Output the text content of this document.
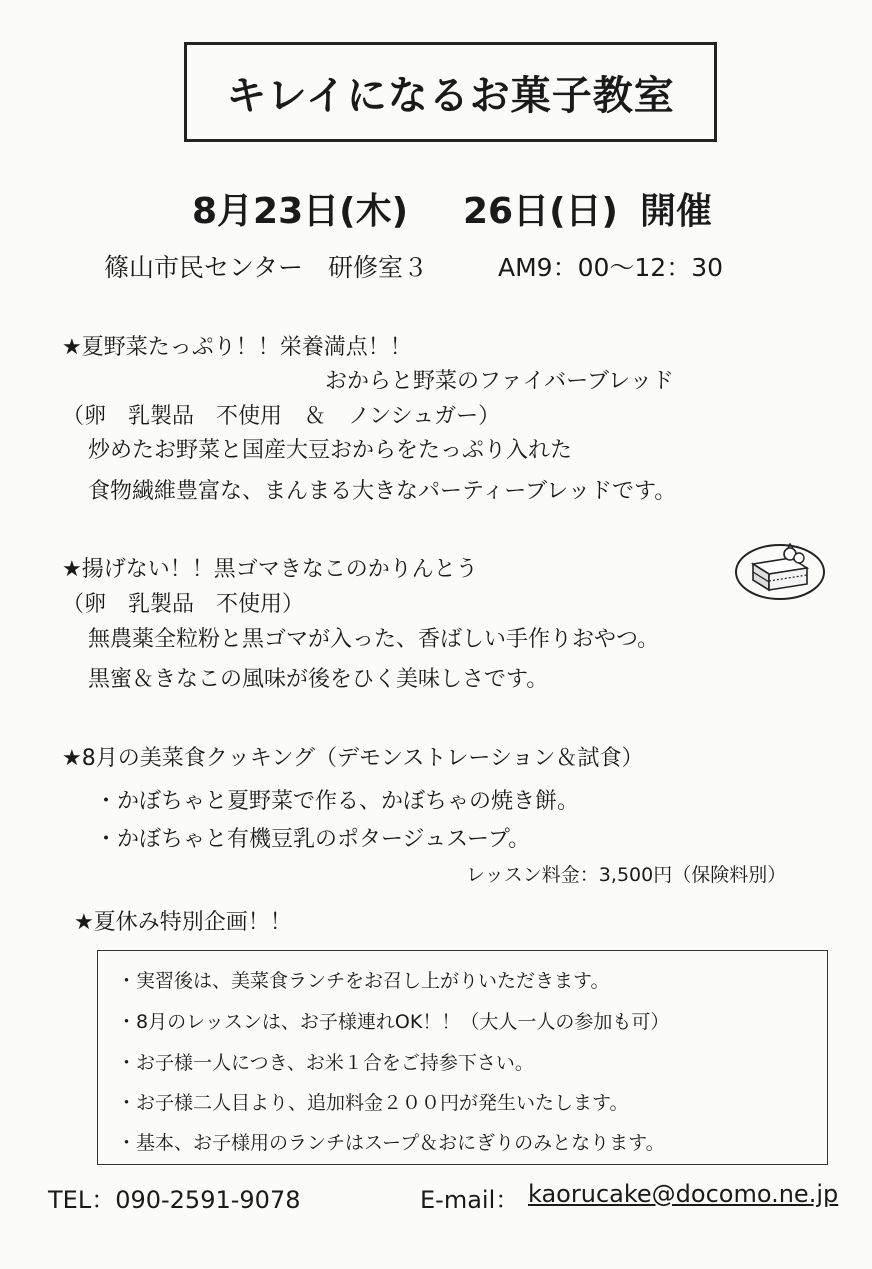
キレイになるお菓子教室
8月23日(木) 26日(日) 開催
篠山市民センター　研修室３	AM9：00～12：30
★夏野菜たっぷり！！栄養満点！！
おからと野菜のファイバーブレッド
（卵　乳製品　不使用　＆　ノンシュガー）
炒めたお野菜と国産大豆おからをたっぷり入れた
食物繊維豊富な、まんまる大きなパーティーブレッドです。
★揚げない！！黒ゴマきなこのかりんとう
（卵　乳製品　不使用）
無農薬全粒粉と黒ゴマが入った、香ばしい手作りおやつ。
黒蜜＆きなこの風味が後をひく美味しさです。
★8月の美菜食クッキング（デモンストレーション＆試食）
・かぼちゃと夏野菜で作る、かぼちゃの焼き餅。
・かぼちゃと有機豆乳のポタージュスープ。
レッスン料金：3,500円（保険料別）
★夏休み特別企画！！
・実習後は、美菜食ランチをお召し上がりいただきます。
・8月のレッスンは、お子様連れOK！！（大人一人の参加も可）
・お子様一人につき、お米１合をご持参下さい。
・お子様二人目より、追加料金２００円が発生いたします。
・基本、お子様用のランチはスープ＆おにぎりのみとなります。
TEL：090-2591-9078	E-mail： kaorucake@docomo.ne.jp
